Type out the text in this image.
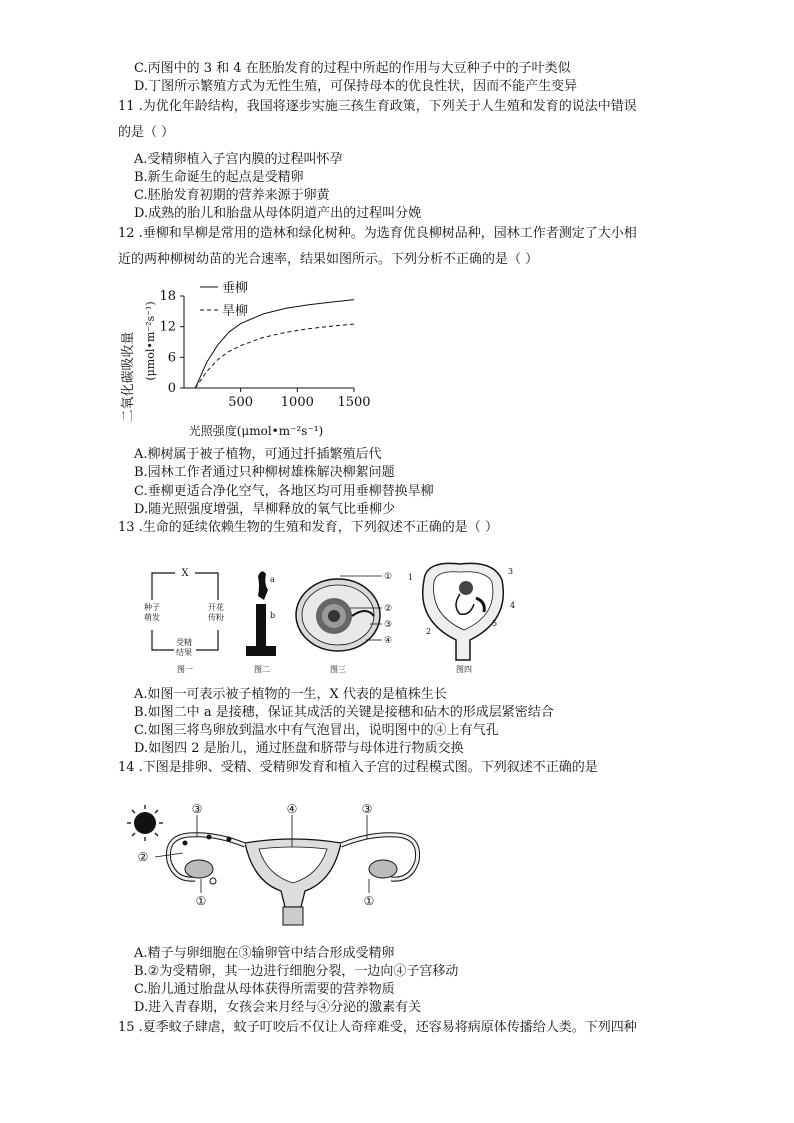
C.丙图中的 3 和 4 在胚胎发育的过程中所起的作用与大豆种子中的子叶类似
D.丁图所示繁殖方式为无性生殖，可保持母本的优良性状，因而不能产生变异
11 .为优化年龄结构，我国将逐步实施三孩生育政策，下列关于人生殖和发育的说法中错误
的是（ ）
A.受精卵植入子宫内膜的过程叫怀孕
B.新生命诞生的起点是受精卵
C.胚胎发育初期的营养来源于卵黄
D.成熟的胎儿和胎盘从母体阴道产出的过程叫分娩
12 .垂柳和旱柳是常用的造林和绿化树种。为选育优良柳树品种，园林工作者测定了大小相
近的两种柳树幼苗的光合速率，结果如图所示。下列分析不正确的是（ ）
0
6
12
18
500 1000 1500
垂柳
旱柳
二氧化碳吸收量 (μmol•m⁻²s⁻¹)
光照强度(μmol•m⁻²s⁻¹)
A.柳树属于被子植物，可通过扦插繁殖后代
B.园林工作者通过只种柳树雄株解决柳絮问题
C.垂柳更适合净化空气，各地区均可用垂柳替换旱柳
D.随光照强度增强，旱柳释放的氧气比垂柳少
13 .生命的延续依赖生物的生殖和发育，下列叙述不正确的是（ ）
X
种子
萌发
开花
传粉
受精
结果
图一
a
b
图二
①
②
③
④
图三
1
2
3
4
5
图四
A.如图一可表示被子植物的一生，X 代表的是植株生长
B.如图二中 a 是接穗，保证其成活的关键是接穗和砧木的形成层紧密结合
C.如图三将鸟卵放到温水中有气泡冒出，说明图中的④上有气孔
D.如图四 2 是胎儿，通过胚盘和脐带与母体进行物质交换
14 .下图是排卵、受精、受精卵发育和植入子宫的过程模式图。下列叙述不正确的是
③	④	③
②
①	①
A.精子与卵细胞在③输卵管中结合形成受精卵
B.②为受精卵，其一边进行细胞分裂，一边向④子宫移动
C.胎儿通过胎盘从母体获得所需要的营养物质
D.进入青春期，女孩会来月经与④分泌的激素有关
15 .夏季蚊子肆虐，蚊子叮咬后不仅让人奇痒难受，还容易将病原体传播给人类。下列四种
